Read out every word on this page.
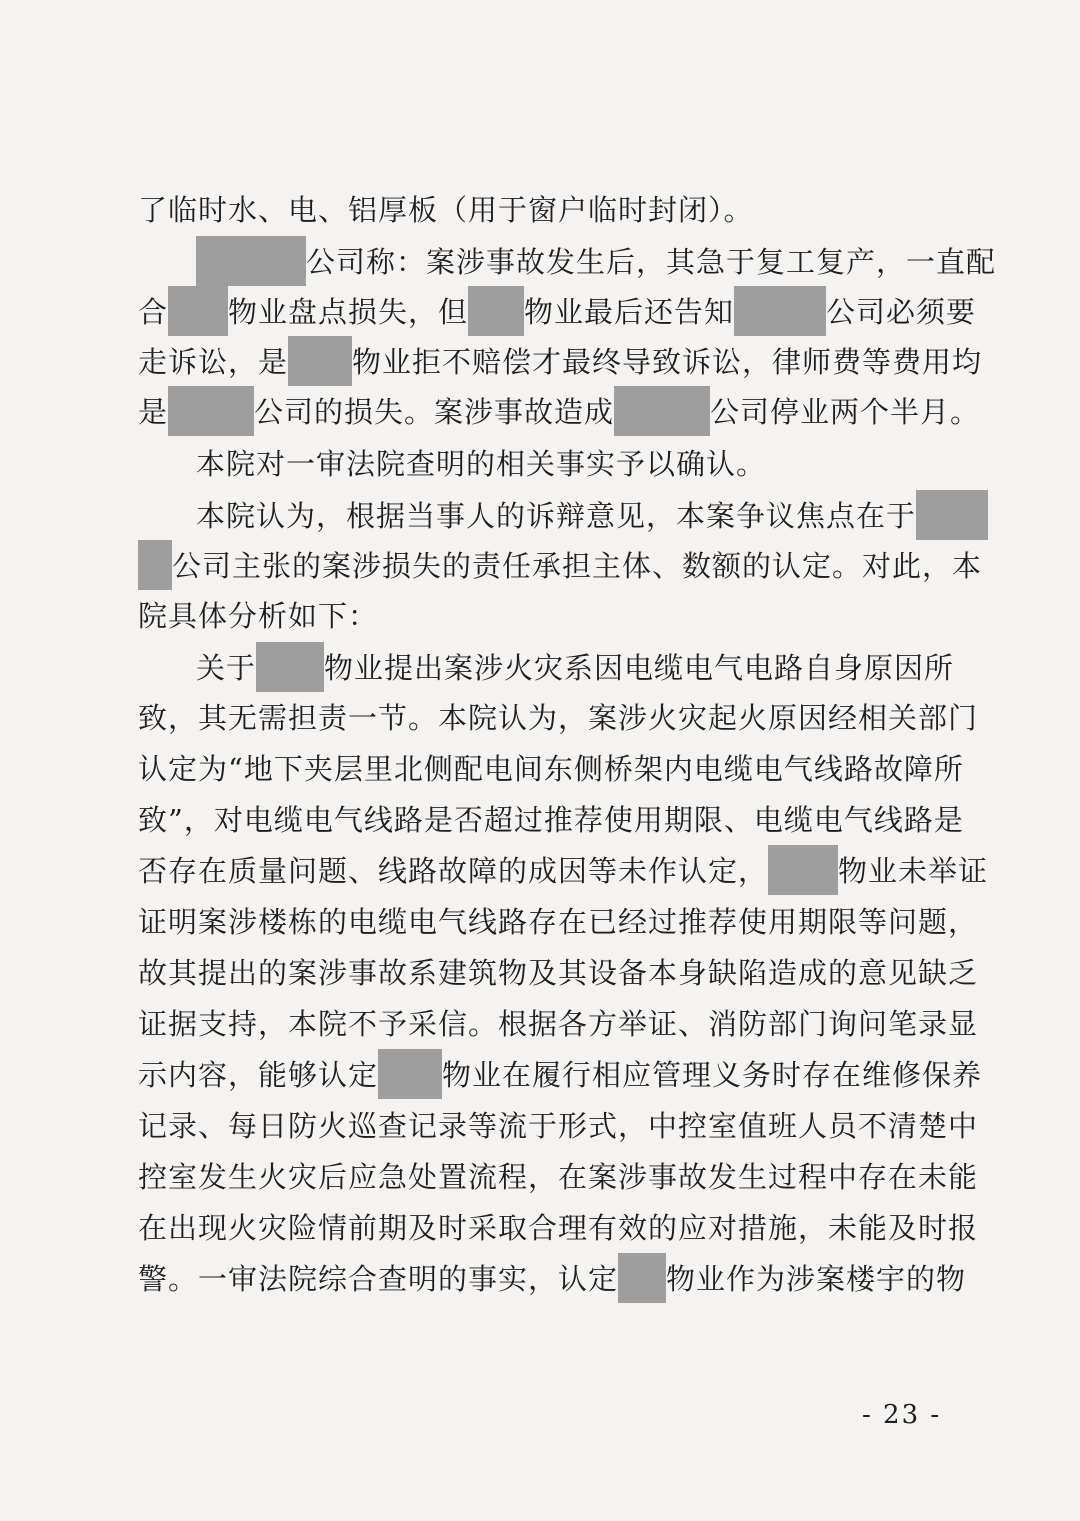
了临时水、电、铝厚板（用于窗户临时封闭）。
公司称：案涉事故发生后，其急于复工复产，一直配
合 物业盘点损失，但 物业最后还告知	公司必须要
走诉讼，是 物业拒不赔偿才最终导致诉讼，律师费等费用均
是	公司的损失。案涉事故造成	公司停业两个半月。
本院对一审法院查明的相关事实予以确认。
本院认为，根据当事人的诉辩意见，本案争议焦点在于
公司主张的案涉损失的责任承担主体、数额的认定。对此，本
院具体分析如下：
关于 物业提出案涉火灾系因电缆电气电路自身原因所
致，其无需担责一节。本院认为，案涉火灾起火原因经相关部门
认定为“地下夹层里北侧配电间东侧桥架内电缆电气线路故障所
致”，对电缆电气线路是否超过推荐使用期限、电缆电气线路是
否存在质量问题、线路故障的成因等未作认定， 物业未举证
证明案涉楼栋的电缆电气线路存在已经过推荐使用期限等问题，
故其提出的案涉事故系建筑物及其设备本身缺陷造成的意见缺乏
证据支持，本院不予采信。根据各方举证、消防部门询问笔录显
示内容，能够认定 物业在履行相应管理义务时存在维修保养
记录、每日防火巡查记录等流于形式，中控室值班人员不清楚中
控室发生火灾后应急处置流程，在案涉事故发生过程中存在未能
在出现火灾险情前期及时采取合理有效的应对措施，未能及时报
警。一审法院综合查明的事实，认定 物业作为涉案楼宇的物
- 23 -
